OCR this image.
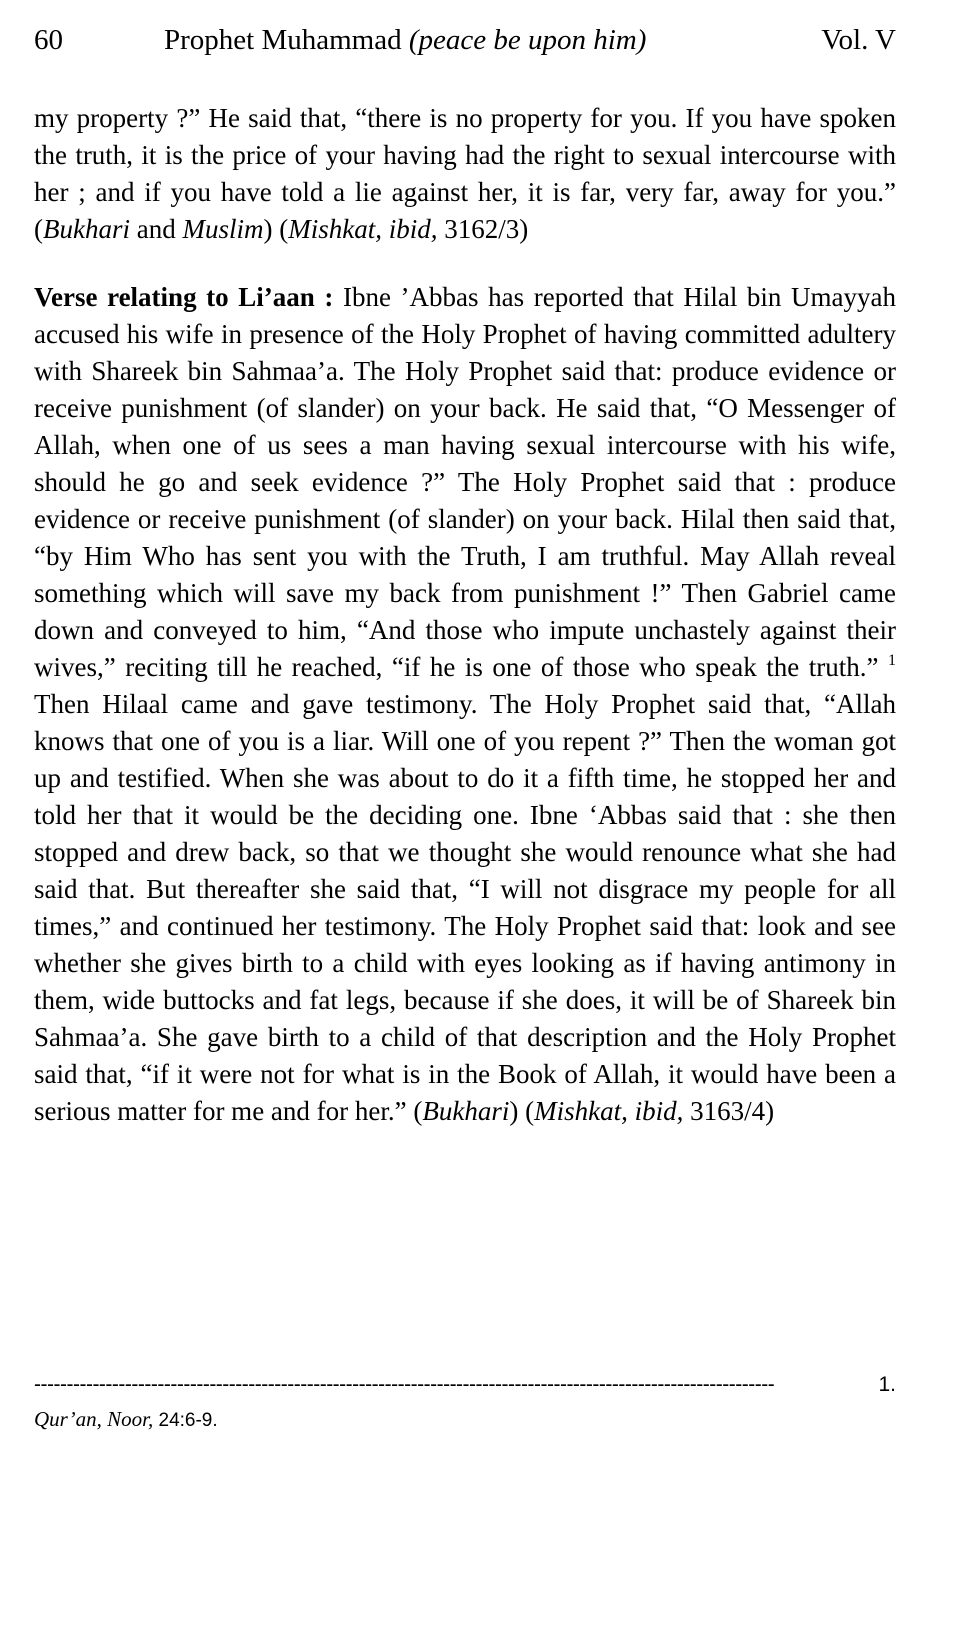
60	Prophet Muhammad (peace be upon him)	Vol. V

my property ?” He said that, “there is no property for you. If you have spoken the truth, it is the price of your having had the right to sexual intercourse with her ; and if you have told a lie against her, it is far, very far, away for you.” (Bukhari and Muslim) (Mishkat, ibid, 3162/3)

Verse relating to Li’aan : Ibne ’Abbas has reported that Hilal bin Umayyah accused his wife in presence of the Holy Prophet of having committed adultery with Shareek bin Sahmaa’a. The Holy Prophet said that: produce evidence or receive punishment (of slander) on your back. He said that, “O Messenger of Allah, when one of us sees a man having sexual intercourse with his wife, should he go and seek evidence ?” The Holy Prophet said that : produce evidence or receive punishment (of slander) on your back. Hilal then said that, “by Him Who has sent you with the Truth, I am truthful. May Allah reveal something which will save my back from punishment !” Then Gabriel came down and conveyed to him, “And those who impute unchastely against their wives,” reciting till he reached, “if he is one of those who speak the truth.” $^1$ Then Hilaal came and gave testimony. The Holy Prophet said that, “Allah knows that one of you is a liar. Will one of you repent ?” Then the woman got up and testified. When she was about to do it a fifth time, he stopped her and told her that it would be the deciding one. Ibne ‘Abbas said that : she then stopped and drew back, so that we thought she would renounce what she had said that. But thereafter she said that, “I will not disgrace my people for all times,” and continued her testimony. The Holy Prophet said that: look and see whether she gives birth to a child with eyes looking as if having antimony in them, wide buttocks and fat legs, because if she does, it will be of Shareek bin Sahmaa’a. She gave birth to a child of that description and the Holy Prophet said that, “if it were not for what is in the Book of Allah, it would have been a serious matter for me and for her.” (Bukhari) (Mishkat, ibid, 3163/4)

------------------------------------------------------------------------------------------------------------------	1.
Qur’an, Noor, 24:6-9.
